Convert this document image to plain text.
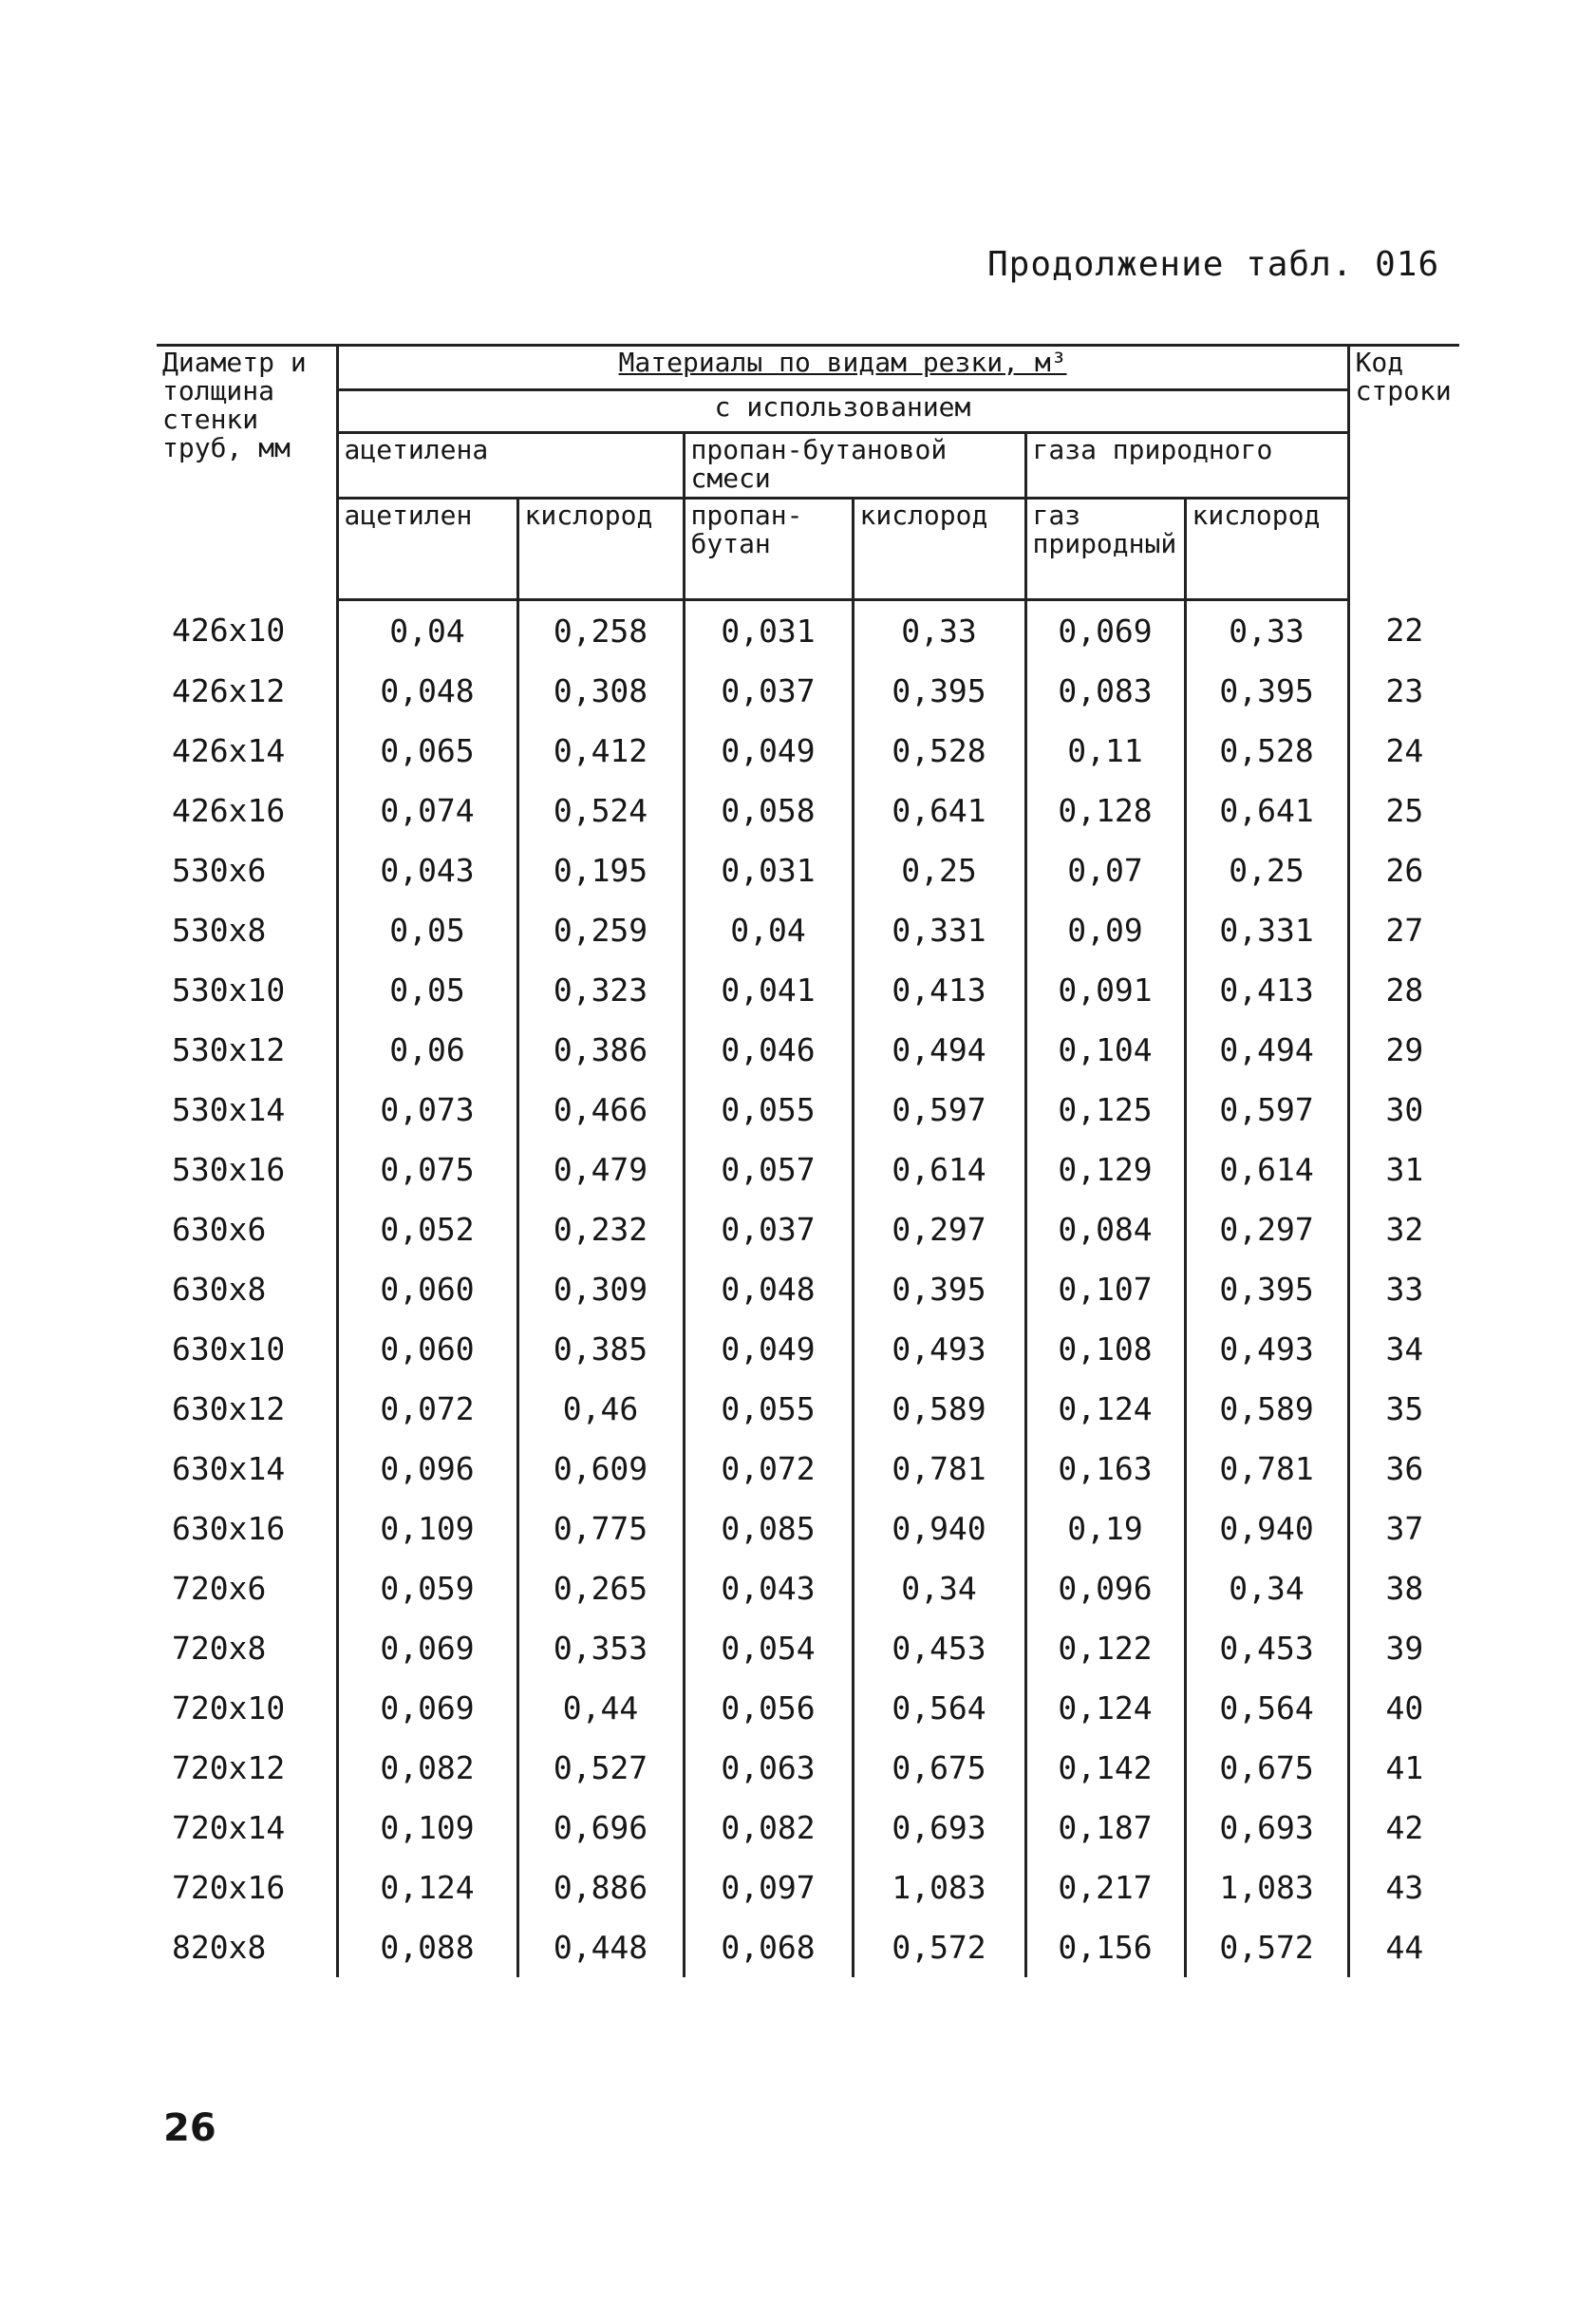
Продолжение табл. 016
Диаметр и толщина стенки труб, мм	Материалы по видам резки, м³						Код строки
	с использованием						
	ацетилена		пропан-бутановой смеси		газа природного		
	ацетилен	кислород	пропан-бутан	кислород	газ природный	кислород	
426x10	0,04	0,258	0,031	0,33	0,069	0,33	22
426x12	0,048	0,308	0,037	0,395	0,083	0,395	23
426x14	0,065	0,412	0,049	0,528	0,11	0,528	24
426x16	0,074	0,524	0,058	0,641	0,128	0,641	25
530x6	0,043	0,195	0,031	0,25	0,07	0,25	26
530x8	0,05	0,259	0,04	0,331	0,09	0,331	27
530x10	0,05	0,323	0,041	0,413	0,091	0,413	28
530x12	0,06	0,386	0,046	0,494	0,104	0,494	29
530x14	0,073	0,466	0,055	0,597	0,125	0,597	30
530x16	0,075	0,479	0,057	0,614	0,129	0,614	31
630x6	0,052	0,232	0,037	0,297	0,084	0,297	32
630x8	0,060	0,309	0,048	0,395	0,107	0,395	33
630x10	0,060	0,385	0,049	0,493	0,108	0,493	34
630x12	0,072	0,46	0,055	0,589	0,124	0,589	35
630x14	0,096	0,609	0,072	0,781	0,163	0,781	36
630x16	0,109	0,775	0,085	0,940	0,19	0,940	37
720x6	0,059	0,265	0,043	0,34	0,096	0,34	38
720x8	0,069	0,353	0,054	0,453	0,122	0,453	39
720x10	0,069	0,44	0,056	0,564	0,124	0,564	40
720x12	0,082	0,527	0,063	0,675	0,142	0,675	41
720x14	0,109	0,696	0,082	0,693	0,187	0,693	42
720x16	0,124	0,886	0,097	1,083	0,217	1,083	43
820x8	0,088	0,448	0,068	0,572	0,156	0,572	44
26
